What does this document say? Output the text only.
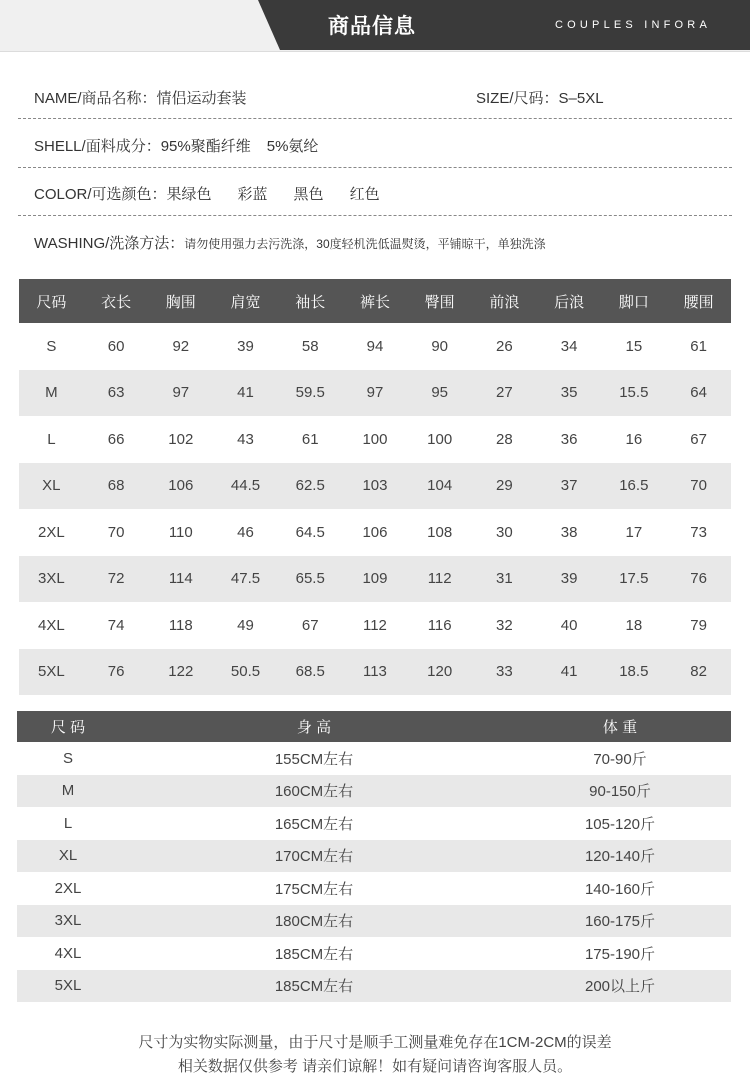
商品信息	COUPLES INFORA
NAME/商品名称：情侣运动套装	SIZE/尺码：S–5XL
SHELL/面料成分：95%聚酯纤维 5%氨纶
COLOR/可选颜色：果绿色 彩蓝 黑色 红色
WASHING/洗涤方法：请勿使用强力去污洗涤，30度轻机洗低温熨烫，平铺晾干，单独洗涤
尺码	衣长	胸围	肩宽	袖长	裤长	臀围	前浪	后浪	脚口	腰围
S	60	92	39	58	94	90	26	34	15	61
M	63	97	41	59.5	97	95	27	35	15.5	64
L	66	102	43	61	100	100	28	36	16	67
XL	68	106	44.5	62.5	103	104	29	37	16.5	70
2XL	70	110	46	64.5	106	108	30	38	17	73
3XL	72	114	47.5	65.5	109	112	31	39	17.5	76
4XL	74	118	49	67	112	116	32	40	18	79
5XL	76	122	50.5	68.5	113	120	33	41	18.5	82
尺 码	身 高	体 重
S	155CM左右	70-90斤
M	160CM左右	90-150斤
L	165CM左右	105-120斤
XL	170CM左右	120-140斤
2XL	175CM左右	140-160斤
3XL	180CM左右	160-175斤
4XL	185CM左右	175-190斤
5XL	185CM左右	200以上斤
尺寸为实物实际测量，由于尺寸是顺手工测量难免存在1CM-2CM的误差
相关数据仅供参考 请亲们谅解！如有疑问请咨询客服人员。
